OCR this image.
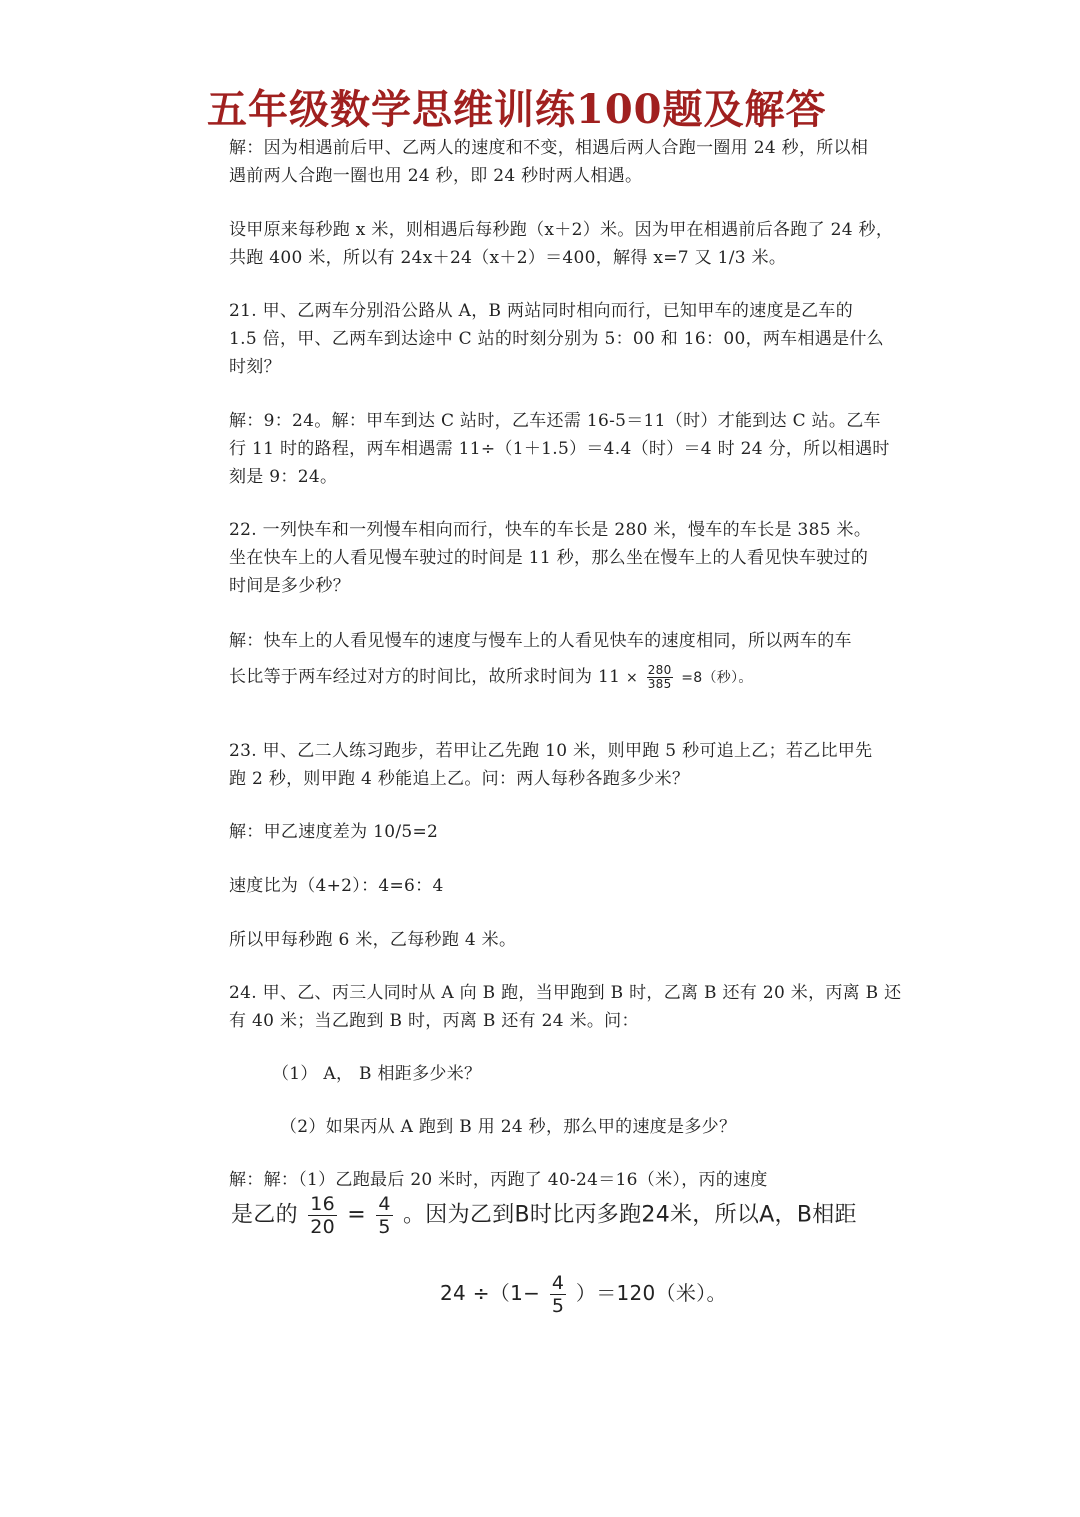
五年级数学思维训练100题及解答
解：因为相遇前后甲、乙两人的速度和不变，相遇后两人合跑一圈用 24 秒，所以相
遇前两人合跑一圈也用 24 秒，即 24 秒时两人相遇。
设甲原来每秒跑 x 米，则相遇后每秒跑（x＋2）米。因为甲在相遇前后各跑了 24 秒，
共跑 400 米，所以有 24x＋24（x＋2）＝400，解得 x=7 又 1/3 米。
21. 甲、乙两车分别沿公路从 A，B 两站同时相向而行，已知甲车的速度是乙车的
1.5 倍，甲、乙两车到达途中 C 站的时刻分别为 5：00 和 16：00，两车相遇是什么
时刻？
解：9：24。解：甲车到达 C 站时，乙车还需 16-5＝11（时）才能到达 C 站。乙车
行 11 时的路程，两车相遇需 11÷（1＋1.5）＝4.4（时）＝4 时 24 分，所以相遇时
刻是 9：24。
22. 一列快车和一列慢车相向而行，快车的车长是 280 米，慢车的车长是 385 米。
坐在快车上的人看见慢车驶过的时间是 11 秒，那么坐在慢车上的人看见快车驶过的
时间是多少秒？
解：快车上的人看见慢车的速度与慢车上的人看见快车的速度相同，所以两车的车
长比等于两车经过对方的时间比，故所求时间为 $11 \times \frac{280}{385} =8$（秒）。
23. 甲、乙二人练习跑步，若甲让乙先跑 10 米，则甲跑 5 秒可追上乙；若乙比甲先
跑 2 秒，则甲跑 4 秒能追上乙。问：两人每秒各跑多少米？
解：甲乙速度差为 10/5=2
速度比为（4+2）：4=6：4
所以甲每秒跑 6 米，乙每秒跑 4 米。
24. 甲、乙、丙三人同时从 A 向 B 跑，当甲跑到 B 时，乙离 B 还有 20 米，丙离 B 还
有 40 米；当乙跑到 B 时，丙离 B 还有 24 米。问：
（1） A， B 相距多少米？
（2）如果丙从 A 跑到 B 用 24 秒，那么甲的速度是多少？
解：解：（1）乙跑最后 20 米时，丙跑了 40-24＝16（米），丙的速度
是乙的 $\frac{16}{20} = \frac{4}{5}$ 。因为乙到B时比丙多跑24米，所以A，B相距
$24 \div(1- \frac{4}{5} )=120$（米）。
